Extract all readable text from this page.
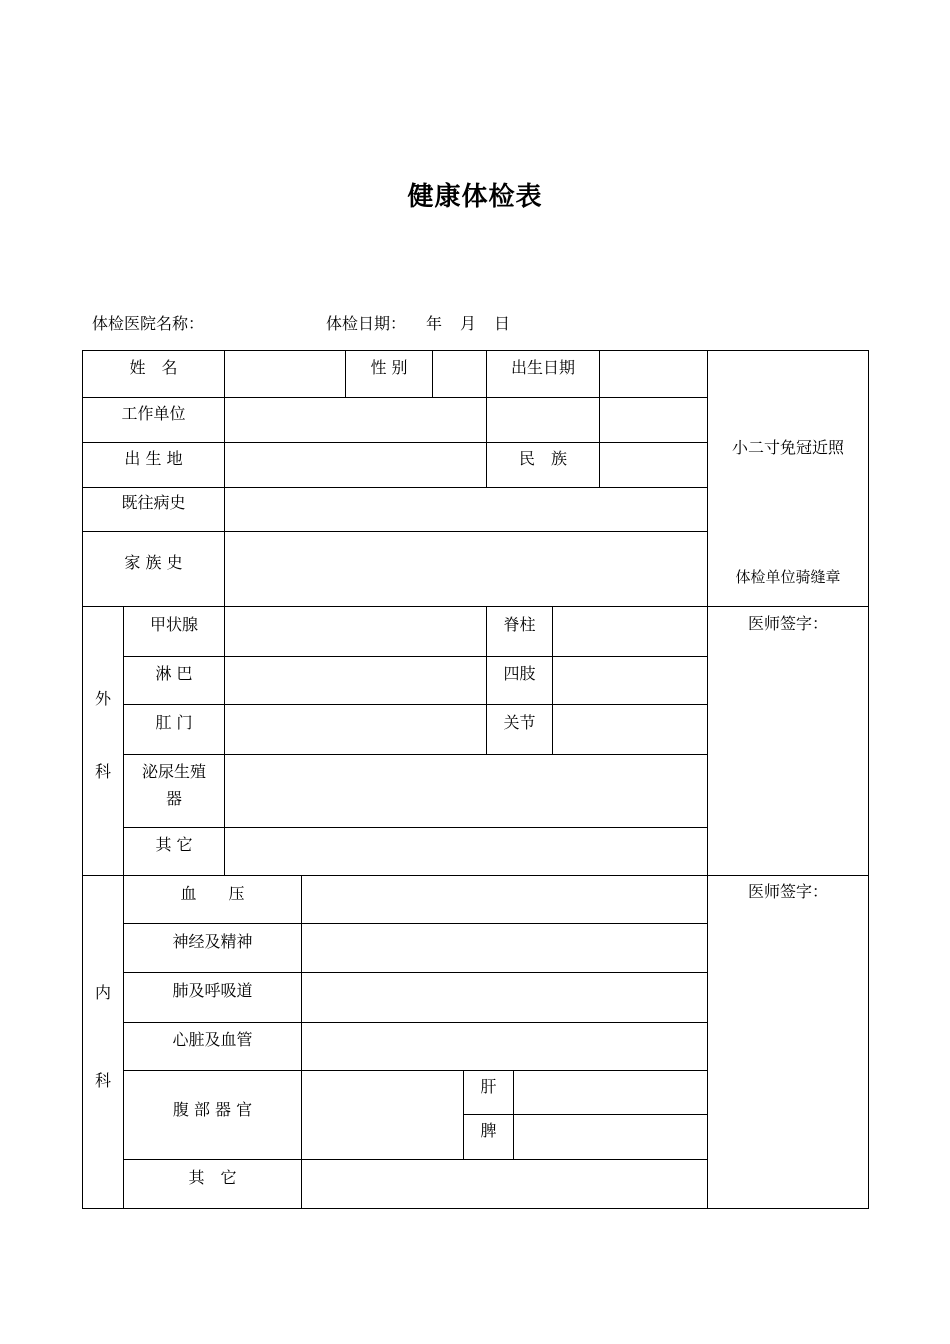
健康体检表
体检医院名称：	体检日期： 年 月 日
姓　名	性 别	出生日期
工作单位
出 生 地	民　族
既往病史
家 族 史
小二寸免冠近照
体检单位骑缝章
外
科
甲状腺	脊柱
淋 巴	四肢
肛 门	关节
泌尿生殖
器
其 它
医师签字：
内
科
血　　压
神经及精神
肺及呼吸道
心脏及血管
腹 部 器 官
肝
脾
其　它
医师签字：
